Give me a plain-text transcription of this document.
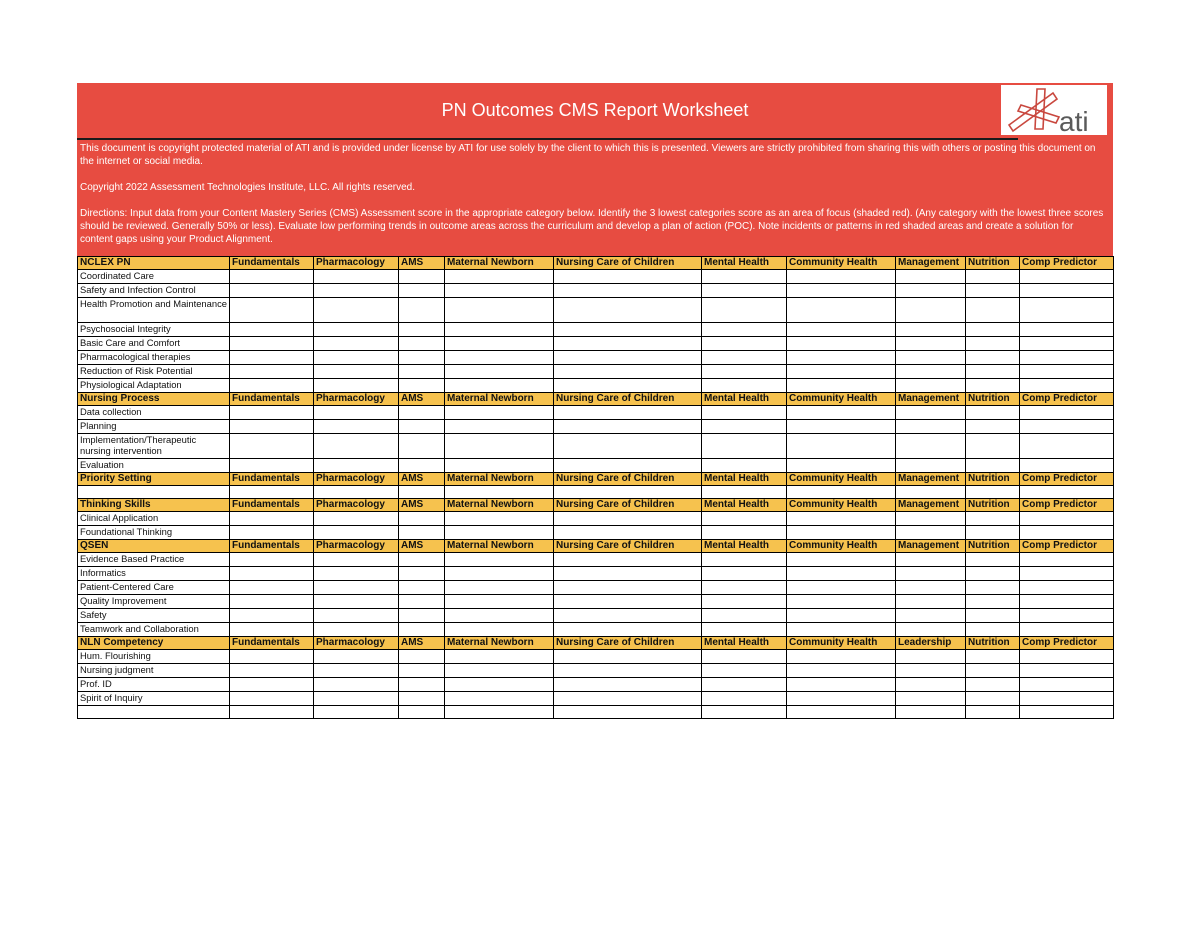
PN Outcomes CMS Report Worksheet	ati

This document is copyright protected material of ATI and is provided under license by ATI for use solely by the client to which this is presented. Viewers are strictly prohibited from sharing this with others or posting this document on the internet or social media.

Copyright 2022 Assessment Technologies Institute, LLC. All rights reserved.

Directions: Input data from your Content Mastery Series (CMS) Assessment score in the appropriate category below. Identify the 3 lowest categories score as an area of focus (shaded red). (Any category with the lowest three scores should be reviewed. Generally 50% or less). Evaluate low performing trends in outcome areas across the curriculum and develop a plan of action (POC). Note incidents or patterns in red shaded areas and create a solution for content gaps using your Product Alignment.

NCLEX PN	Fundamentals	Pharmacology	AMS	Maternal Newborn	Nursing Care of Children	Mental Health	Community Health	Management	Nutrition	Comp Predictor
Coordinated Care										
Safety and Infection Control										
Health Promotion and Maintenance										
Psychosocial Integrity										
Basic Care and Comfort										
Pharmacological therapies										
Reduction of Risk Potential										
Physiological Adaptation										
Nursing Process	Fundamentals	Pharmacology	AMS	Maternal Newborn	Nursing Care of Children	Mental Health	Community Health	Management	Nutrition	Comp Predictor
Data collection										
Planning										
Implementation/Therapeutic nursing intervention										
Evaluation										
Priority Setting	Fundamentals	Pharmacology	AMS	Maternal Newborn	Nursing Care of Children	Mental Health	Community Health	Management	Nutrition	Comp Predictor

Thinking Skills	Fundamentals	Pharmacology	AMS	Maternal Newborn	Nursing Care of Children	Mental Health	Community Health	Management	Nutrition	Comp Predictor
Clinical Application										
Foundational Thinking										
QSEN	Fundamentals	Pharmacology	AMS	Maternal Newborn	Nursing Care of Children	Mental Health	Community Health	Management	Nutrition	Comp Predictor
Evidence Based Practice										
Informatics										
Patient-Centered Care										
Quality Improvement										
Safety										
Teamwork and Collaboration										
NLN Competency	Fundamentals	Pharmacology	AMS	Maternal Newborn	Nursing Care of Children	Mental Health	Community Health	Leadership	Nutrition	Comp Predictor
Hum. Flourishing										
Nursing judgment										
Prof. ID										
Spirit of Inquiry										
